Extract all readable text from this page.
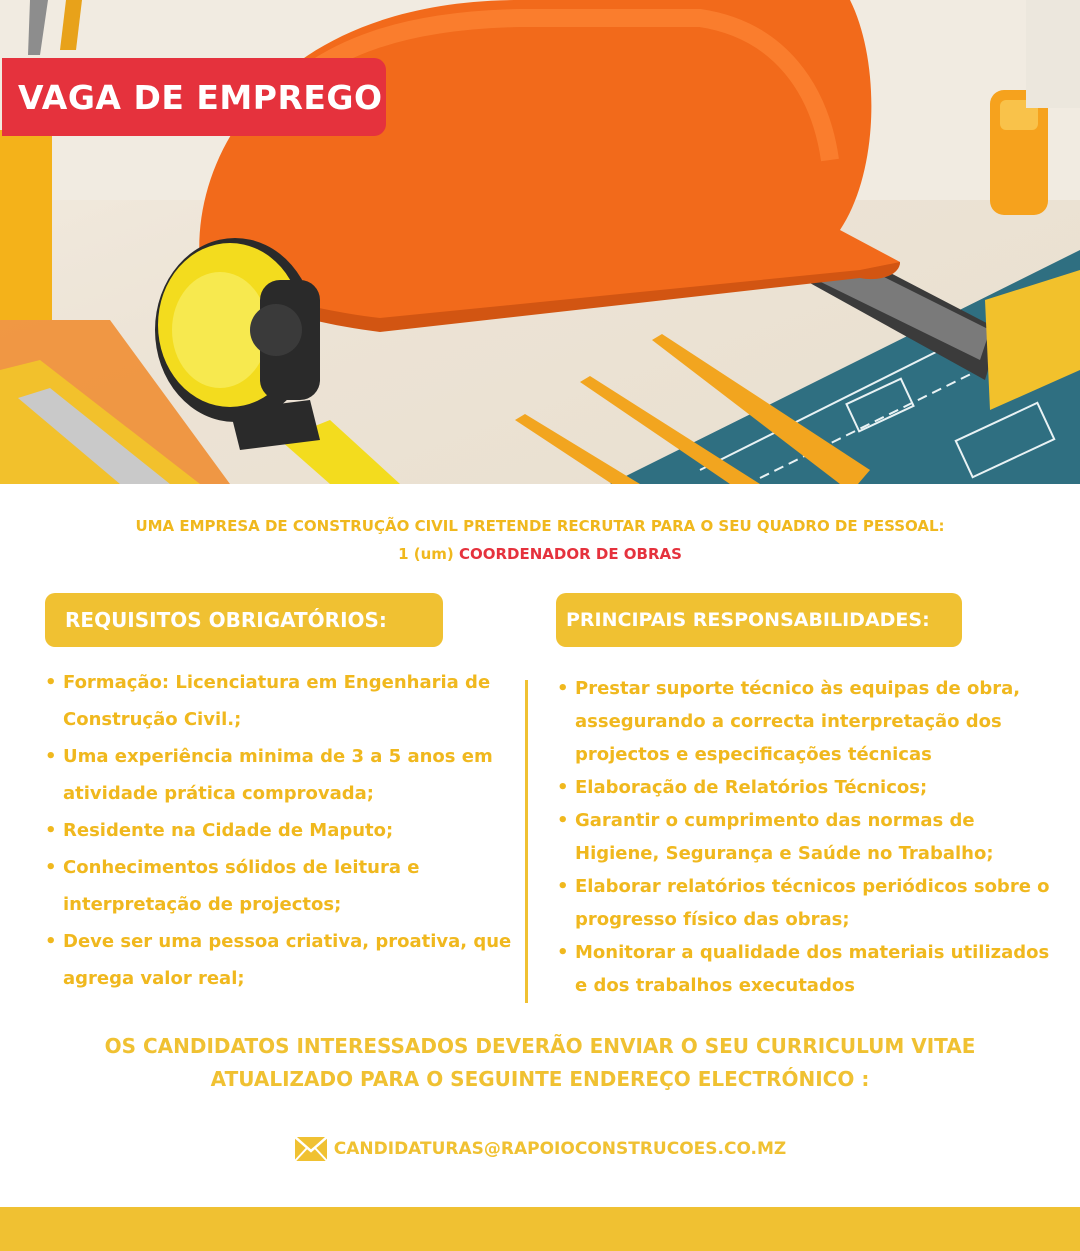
VAGA DE EMPREGO
UMA EMPRESA DE CONSTRUÇÃO CIVIL PRETENDE RECRUTAR PARA O SEU QUADRO DE PESSOAL:
1 (um) COORDENADOR DE OBRAS
REQUISITOS OBRIGATÓRIOS:	PRINCIPAIS RESPONSABILIDADES:
• Formação: Licenciatura em Engenharia de Construção Civil.;
• Uma experiência minima de 3 a 5 anos em atividade prática comprovada;
• Residente na Cidade de Maputo;
• Conhecimentos sólidos de leitura e interpretação de projectos;
• Deve ser uma pessoa criativa, proativa, que agrega valor real;
• Prestar suporte técnico às equipas de obra, assegurando a correcta interpretação dos projectos e especificações técnicas
• Elaboração de Relatórios Técnicos;
• Garantir o cumprimento das normas de Higiene, Segurança e Saúde no Trabalho;
• Elaborar relatórios técnicos periódicos sobre o progresso físico das obras;
• Monitorar a qualidade dos materiais utilizados e dos trabalhos executados
OS CANDIDATOS INTERESSADOS DEVERÃO ENVIAR O SEU CURRICULUM VITAE
ATUALIZADO PARA O SEGUINTE ENDEREÇO ELECTRÓNICO :
CANDIDATURAS@RAPOIOCONSTRUCOES.CO.MZ
